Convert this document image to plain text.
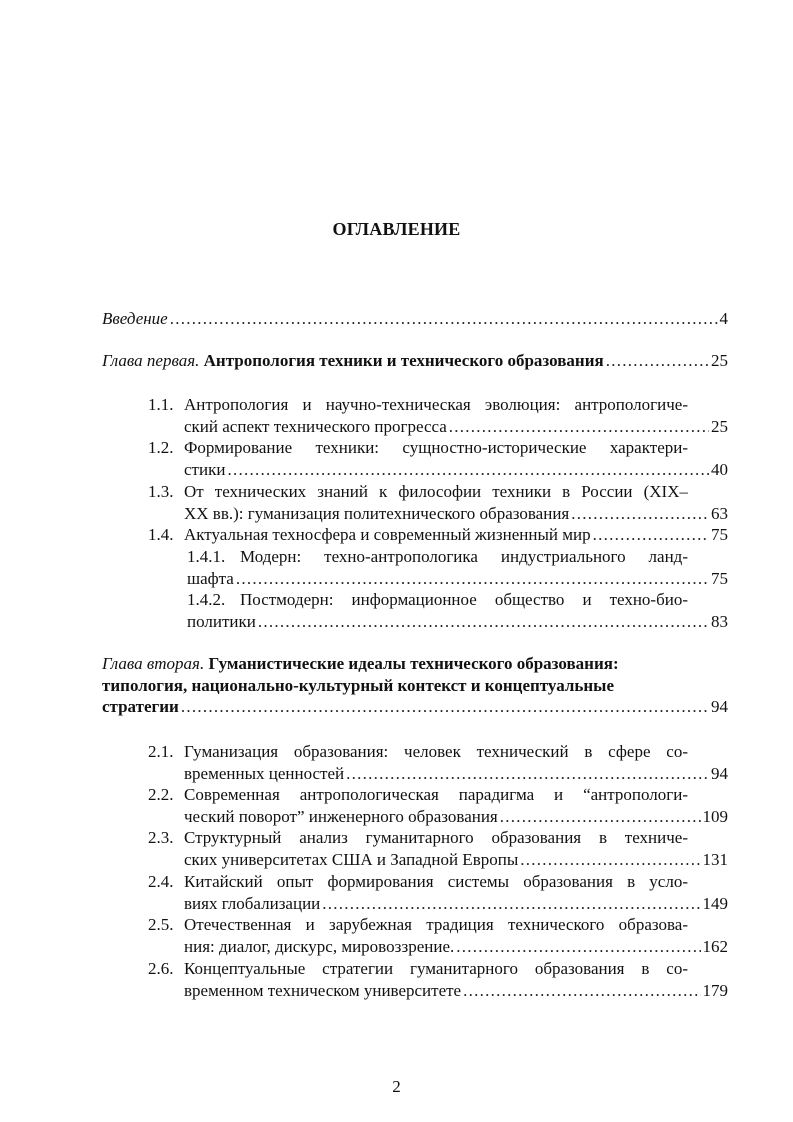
ОГЛАВЛЕНИЕ
Введение . . .	4
Глава первая. Антропология техники и технического образования . . .	25
1.1. Антропология и научно-техническая эволюция: антропологиче-
ский аспект технического прогресса . . .	25
1.2. Формирование техники: сущностно-исторические характери-
стики . . .	40
1.3. От технических знаний к философии техники в России (XIX–
XX вв.): гуманизация политехнического образования . . .	63
1.4. Актуальная техносфера и современный жизненный мир . . .	75
1.4.1. Модерн: техно-антропологика индустриального ланд-
шафта . . .	75
1.4.2. Постмодерн: информационное общество и техно-био-
политики . . .	83
Глава вторая. Гуманистические идеалы технического образования:
типология, национально-культурный контекст и концептуальные
стратегии . . .	94
2.1. Гуманизация образования: человек технический в сфере со-
временных ценностей . . .	94
2.2. Современная антропологическая парадигма и “антропологи-
ческий поворот” инженерного образования . . .	109
2.3. Структурный анализ гуманитарного образования в техниче-
ских университетах США и Западной Европы . . .	131
2.4. Китайский опыт формирования системы образования в усло-
виях глобализации . . .	149
2.5. Отечественная и зарубежная традиция технического образова-
ния: диалог, дискурс, мировоззрение. . . .	162
2.6. Концептуальные стратегии гуманитарного образования в со-
временном техническом университете . . .	179
2
